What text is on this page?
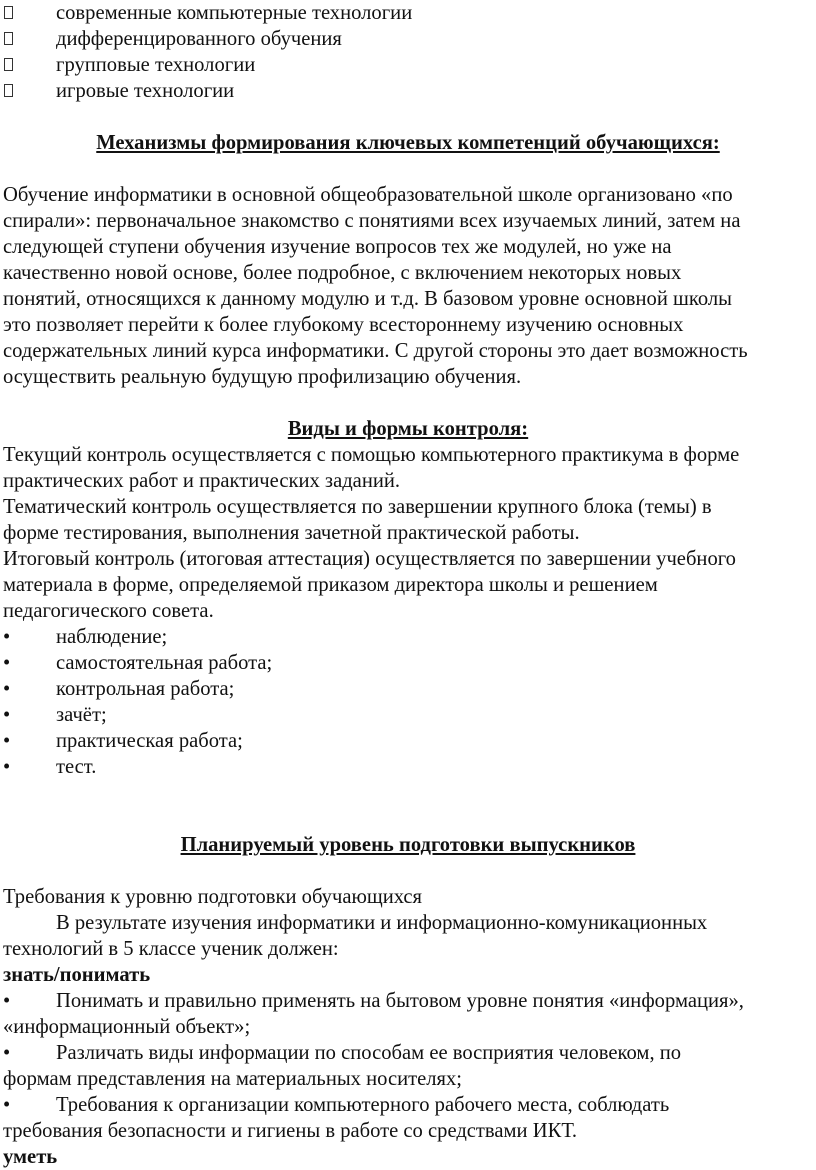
современные компьютерные технологии
дифференцированного обучения
групповые технологии
игровые технологии
Механизмы формирования ключевых компетенций обучающихся:
Обучение информатики в основной общеобразовательной школе организовано «по
спирали»: первоначальное знакомство с понятиями всех изучаемых линий, затем на
следующей ступени обучения изучение вопросов тех же модулей, но уже на
качественно новой основе, более подробное, с включением некоторых новых
понятий, относящихся к данному модулю и т.д. В базовом уровне основной школы
это позволяет перейти к более глубокому всестороннему изучению основных
содержательных линий курса информатики. С другой стороны это дает возможность
осуществить реальную будущую профилизацию обучения.
Виды и формы контроля:
Текущий контроль осуществляется с помощью компьютерного практикума в форме
практических работ и практических заданий.
Тематический контроль осуществляется по завершении крупного блока (темы) в
форме тестирования, выполнения зачетной практической работы.
Итоговый контроль (итоговая аттестация) осуществляется по завершении учебного
материала в форме, определяемой приказом директора школы и решением
педагогического совета.
• наблюдение;
• самостоятельная работа;
• контрольная работа;
• зачёт;
• практическая работа;
• тест.
Планируемый уровень подготовки выпускников
Требования к уровню подготовки обучающихся
В результате изучения информатики и информационно-комуникационных
технологий в 5 классе ученик должен:
знать/понимать
• Понимать и правильно применять на бытовом уровне понятия «информация»,
«информационный объект»;
• Различать виды информации по способам ее восприятия человеком, по
формам представления на материальных носителях;
• Требования к организации компьютерного рабочего места, соблюдать
требования безопасности и гигиены в работе со средствами ИКТ.
уметь
